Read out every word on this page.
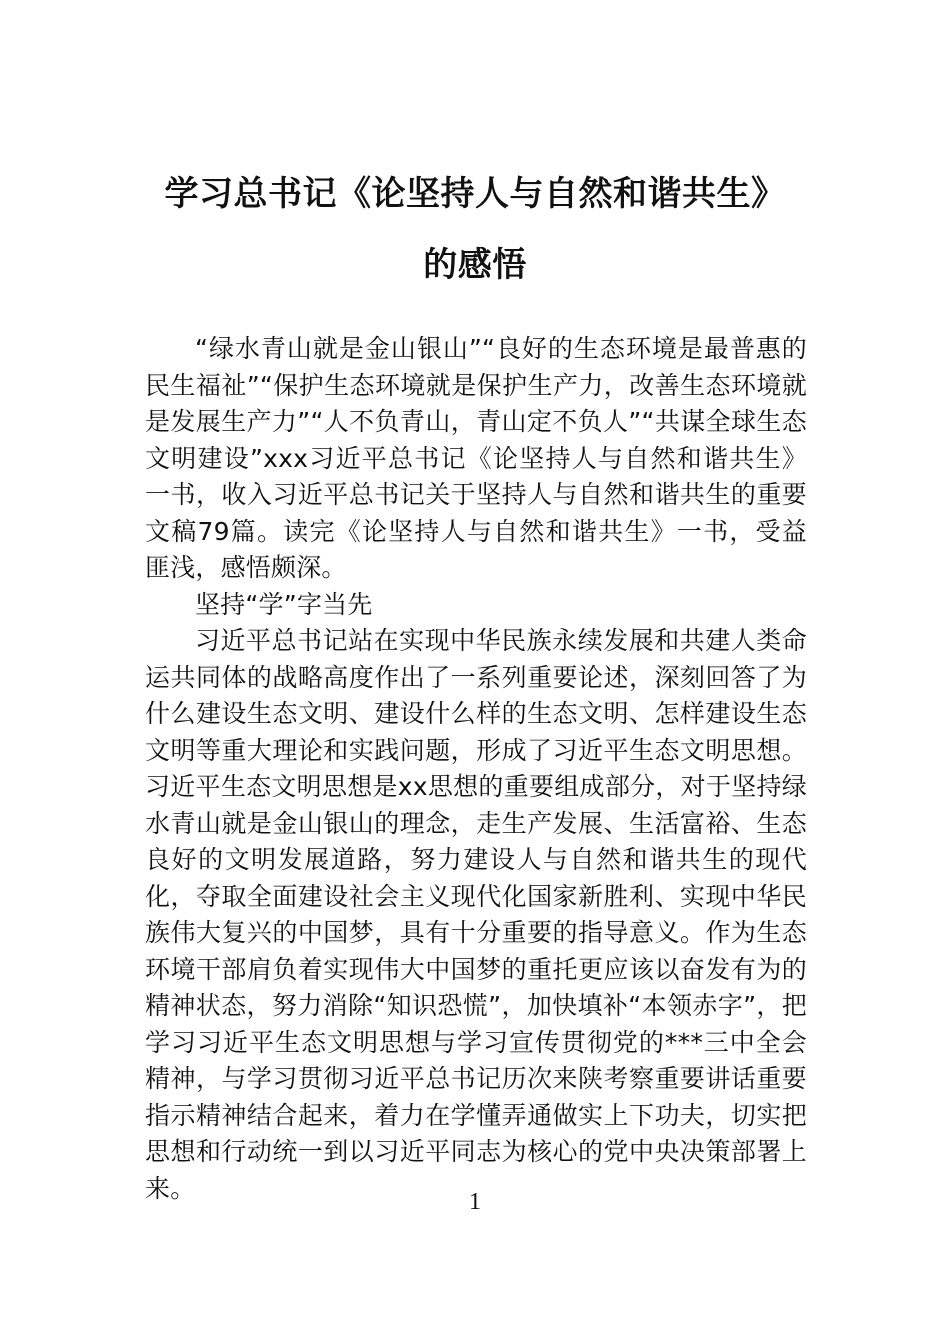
学习总书记《论坚持人与自然和谐共生》
的感悟

“绿水青山就是金山银山”“良好的生态环境是最普惠的民生福祉”“保护生态环境就是保护生产力，改善生态环境就是发展生产力”“人不负青山，青山定不负人”“共谋全球生态文明建设”xxx习近平总书记《论坚持人与自然和谐共生》一书，收入习近平总书记关于坚持人与自然和谐共生的重要文稿79篇。读完《论坚持人与自然和谐共生》一书，受益匪浅，感悟颇深。

坚持“学”字当先

习近平总书记站在实现中华民族永续发展和共建人类命运共同体的战略高度作出了一系列重要论述，深刻回答了为什么建设生态文明、建设什么样的生态文明、怎样建设生态文明等重大理论和实践问题，形成了习近平生态文明思想。习近平生态文明思想是xx思想的重要组成部分，对于坚持绿水青山就是金山银山的理念，走生产发展、生活富裕、生态良好的文明发展道路，努力建设人与自然和谐共生的现代化，夺取全面建设社会主义现代化国家新胜利、实现中华民族伟大复兴的中国梦，具有十分重要的指导意义。作为生态环境干部肩负着实现伟大中国梦的重托更应该以奋发有为的精神状态，努力消除“知识恐慌”，加快填补“本领赤字”，把学习习近平生态文明思想与学习宣传贯彻党的***三中全会精神，与学习贯彻习近平总书记历次来陕考察重要讲话重要指示精神结合起来，着力在学懂弄通做实上下功夫，切实把思想和行动统一到以习近平同志为核心的党中央决策部署上来。	1
